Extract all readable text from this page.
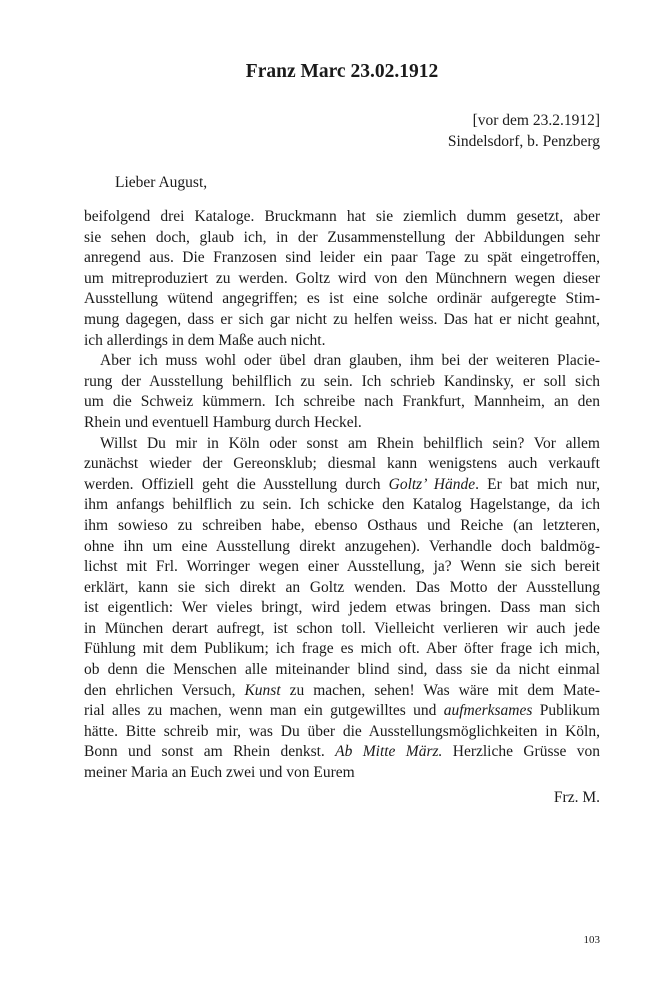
Franz Marc 23.02.1912
[vor dem 23.2.1912]
Sindelsdorf, b. Penzberg
Lieber August,
beifolgend drei Kataloge. Bruckmann hat sie ziemlich dumm gesetzt, aber
sie sehen doch, glaub ich, in der Zusammenstellung der Abbildungen sehr
anregend aus. Die Franzosen sind leider ein paar Tage zu spät eingetroffen,
um mitreproduziert zu werden. Goltz wird von den Münchnern wegen dieser
Ausstellung wütend angegriffen; es ist eine solche ordinär aufgeregte Stim-
mung dagegen, dass er sich gar nicht zu helfen weiss. Das hat er nicht geahnt,
ich allerdings in dem Maße auch nicht.
Aber ich muss wohl oder übel dran glauben, ihm bei der weiteren Placie-
rung der Ausstellung behilflich zu sein. Ich schrieb Kandinsky, er soll sich
um die Schweiz kümmern. Ich schreibe nach Frankfurt, Mannheim, an den
Rhein und eventuell Hamburg durch Heckel.
Willst Du mir in Köln oder sonst am Rhein behilflich sein? Vor allem
zunächst wieder der Gereonsklub; diesmal kann wenigstens auch verkauft
werden. Offiziell geht die Ausstellung durch Goltz’ Hände. Er bat mich nur,
ihm anfangs behilflich zu sein. Ich schicke den Katalog Hagelstange, da ich
ihm sowieso zu schreiben habe, ebenso Osthaus und Reiche (an letzteren,
ohne ihn um eine Ausstellung direkt anzugehen). Verhandle doch baldmög-
lichst mit Frl. Worringer wegen einer Ausstellung, ja? Wenn sie sich bereit
erklärt, kann sie sich direkt an Goltz wenden. Das Motto der Ausstellung
ist eigentlich: Wer vieles bringt, wird jedem etwas bringen. Dass man sich
in München derart aufregt, ist schon toll. Vielleicht verlieren wir auch jede
Fühlung mit dem Publikum; ich frage es mich oft. Aber öfter frage ich mich,
ob denn die Menschen alle miteinander blind sind, dass sie da nicht einmal
den ehrlichen Versuch, Kunst zu machen, sehen! Was wäre mit dem Mate-
rial alles zu machen, wenn man ein gutgewilltes und aufmerksames Publikum
hätte. Bitte schreib mir, was Du über die Ausstellungsmöglichkeiten in Köln,
Bonn und sonst am Rhein denkst. Ab Mitte März. Herzliche Grüsse von
meiner Maria an Euch zwei und von Eurem
Frz. M.
103
